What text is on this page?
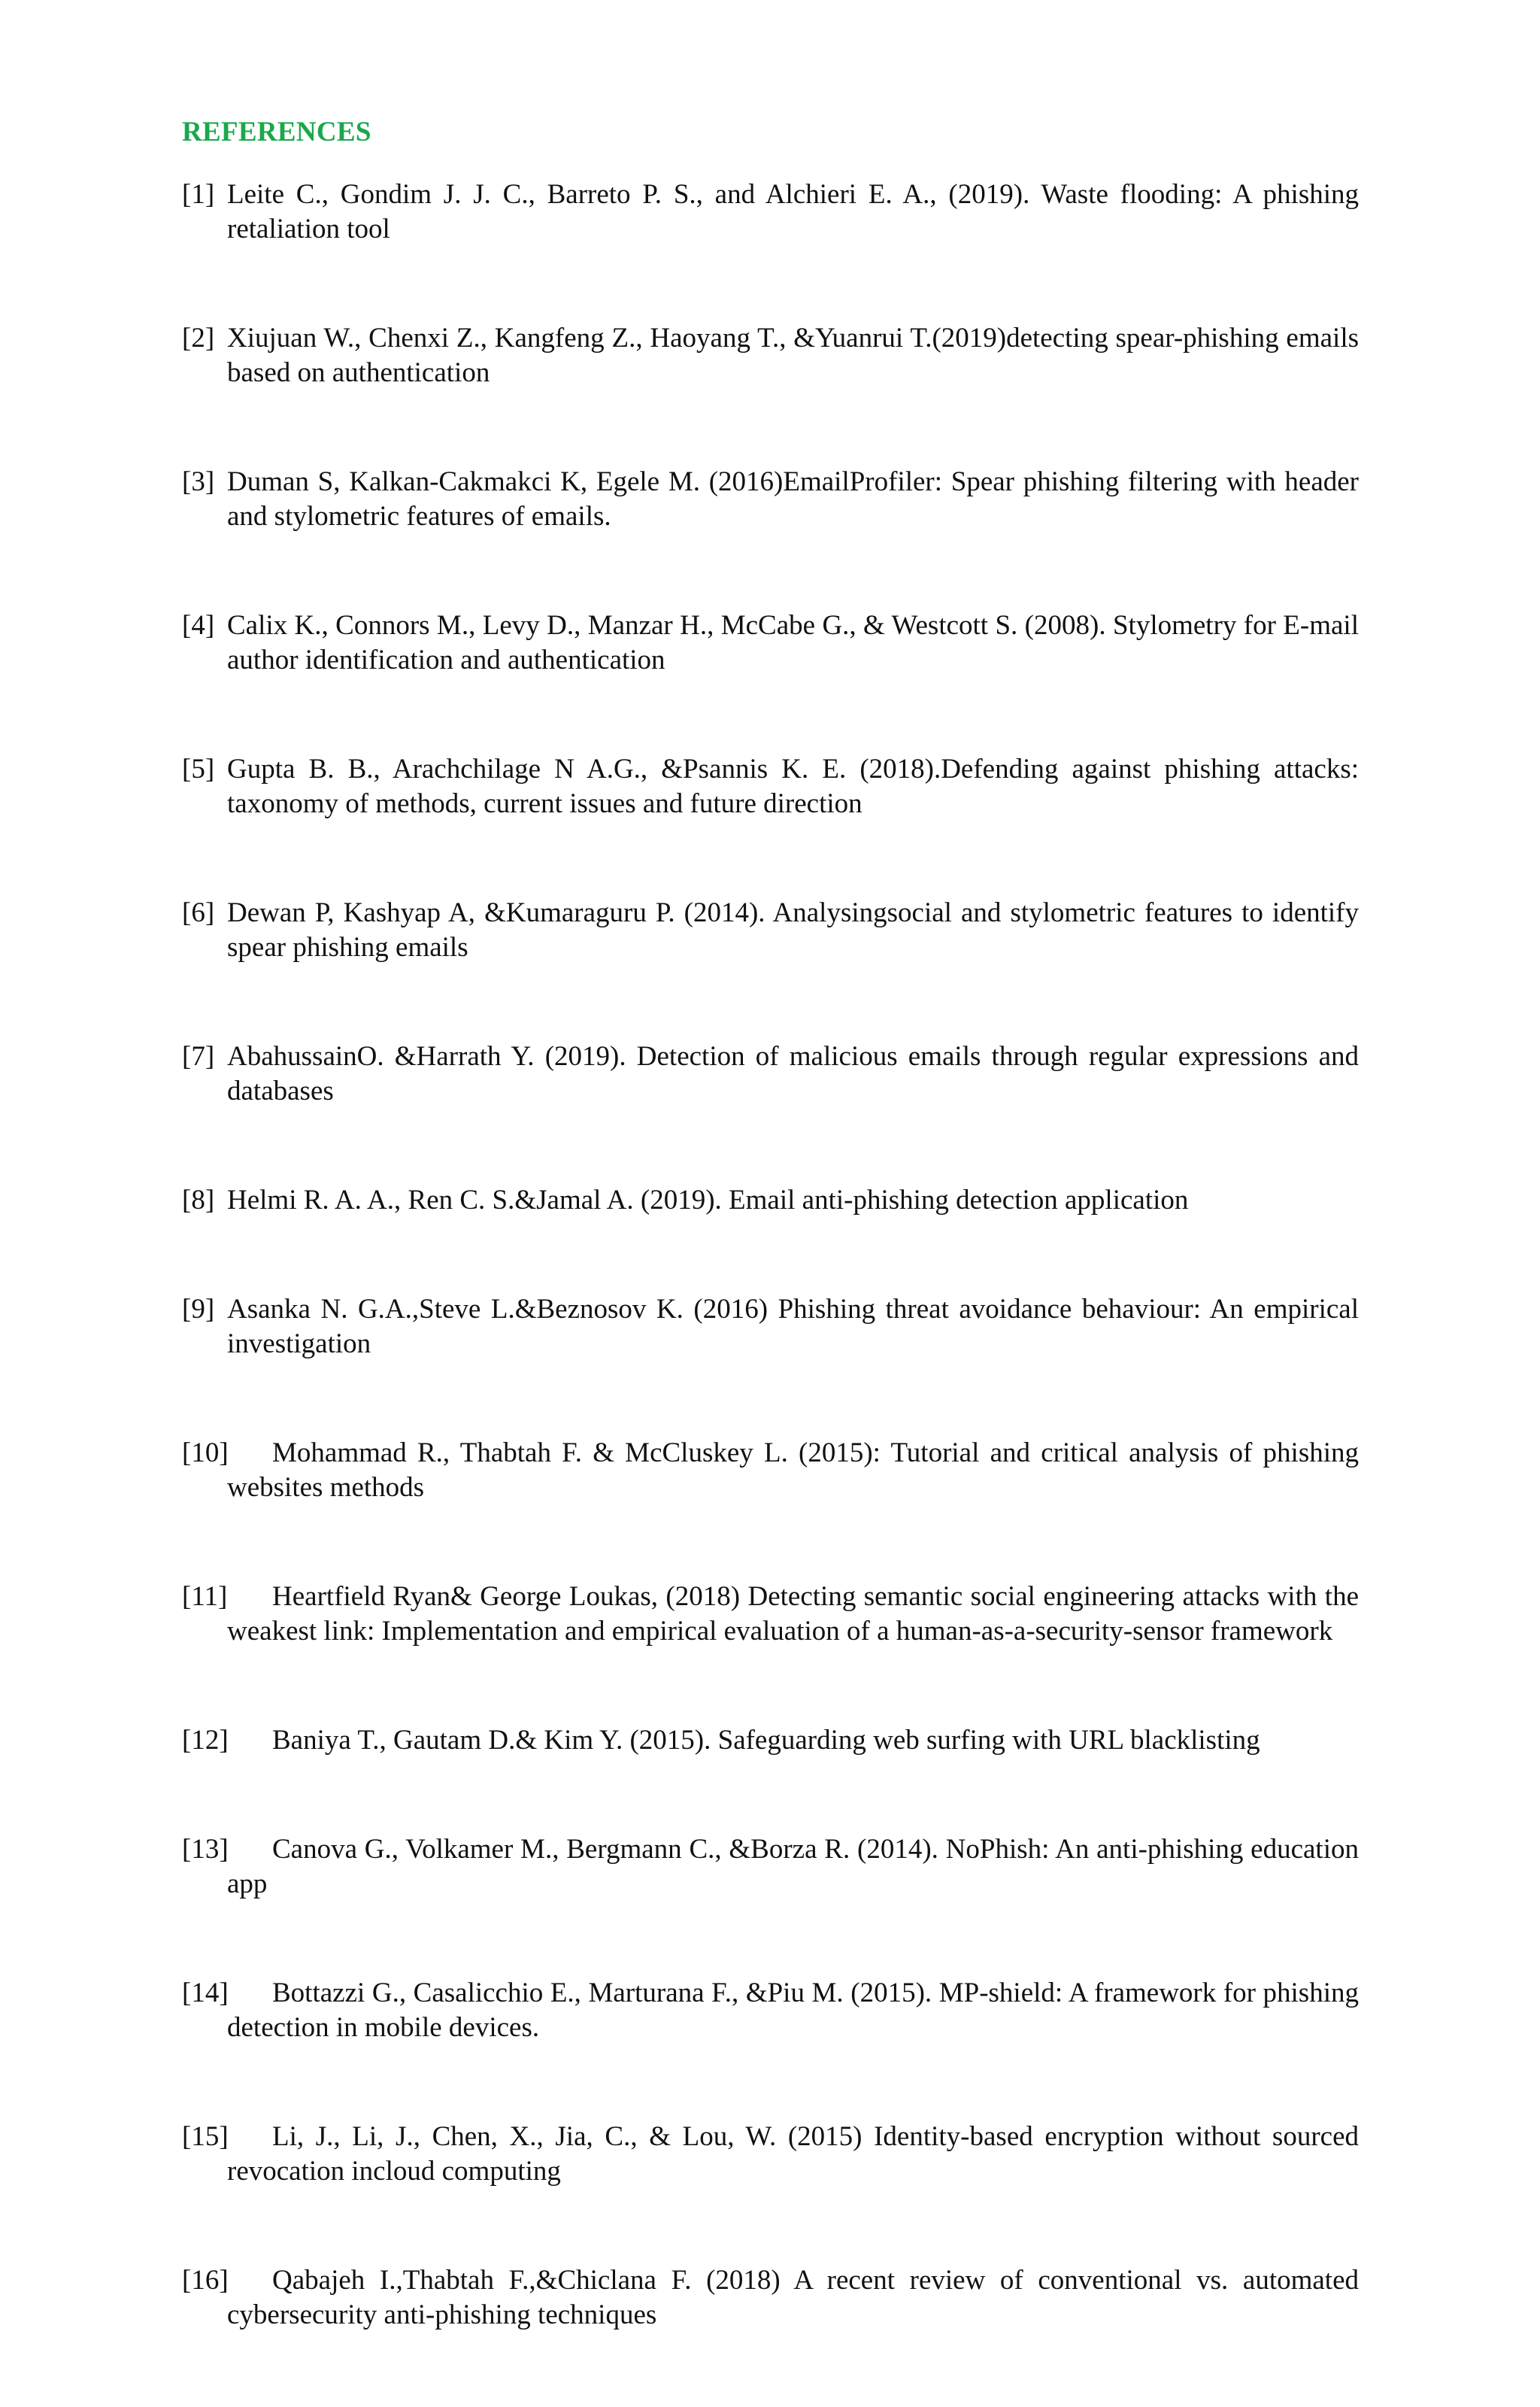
REFERENCES
[1] Leite C., Gondim J. J. C., Barreto P. S., and Alchieri E. A., (2019). Waste flooding: A phishing retaliation tool
[2] Xiujuan W., Chenxi Z., Kangfeng Z., Haoyang T., &Yuanrui T.(2019)detecting spear-phishing emails based on authentication
[3] Duman S, Kalkan-Cakmakci K, Egele M. (2016)EmailProfiler: Spear phishing filtering with header and stylometric features of emails.
[4] Calix K., Connors M., Levy D., Manzar H., McCabe G., & Westcott S. (2008). Stylometry for E-mail author identification and authentication
[5] Gupta B. B., Arachchilage N A.G., &Psannis K. E. (2018).Defending against phishing attacks: taxonomy of methods, current issues and future direction
[6] Dewan P, Kashyap A, &Kumaraguru P. (2014). Analysingsocial and stylometric features to identify spear phishing emails
[7] AbahussainO. &Harrath Y. (2019). Detection of malicious emails through regular expressions and databases
[8] Helmi R. A. A., Ren C. S.&Jamal A. (2019). Email anti-phishing detection application
[9] Asanka N. G.A.,Steve L.&Beznosov K. (2016) Phishing threat avoidance behaviour: An empirical investigation
[10] Mohammad R., Thabtah F. & McCluskey L. (2015): Tutorial and critical analysis of phishing websites methods
[11] Heartfield Ryan& George Loukas, (2018) Detecting semantic social engineering attacks with the weakest link: Implementation and empirical evaluation of a human-as-a-security-sensor framework
[12] Baniya T., Gautam D.& Kim Y. (2015). Safeguarding web surfing with URL blacklisting
[13] Canova G., Volkamer M., Bergmann C., &Borza R. (2014). NoPhish: An anti-phishing education app
[14] Bottazzi G., Casalicchio E., Marturana F., &Piu M. (2015). MP-shield: A framework for phishing detection in mobile devices.
[15] Li, J., Li, J., Chen, X., Jia, C., & Lou, W. (2015) Identity-based encryption without sourced revocation incloud computing
[16] Qabajeh I.,Thabtah F.,&Chiclana F. (2018) A recent review of conventional vs. automated cybersecurity anti-phishing techniques
